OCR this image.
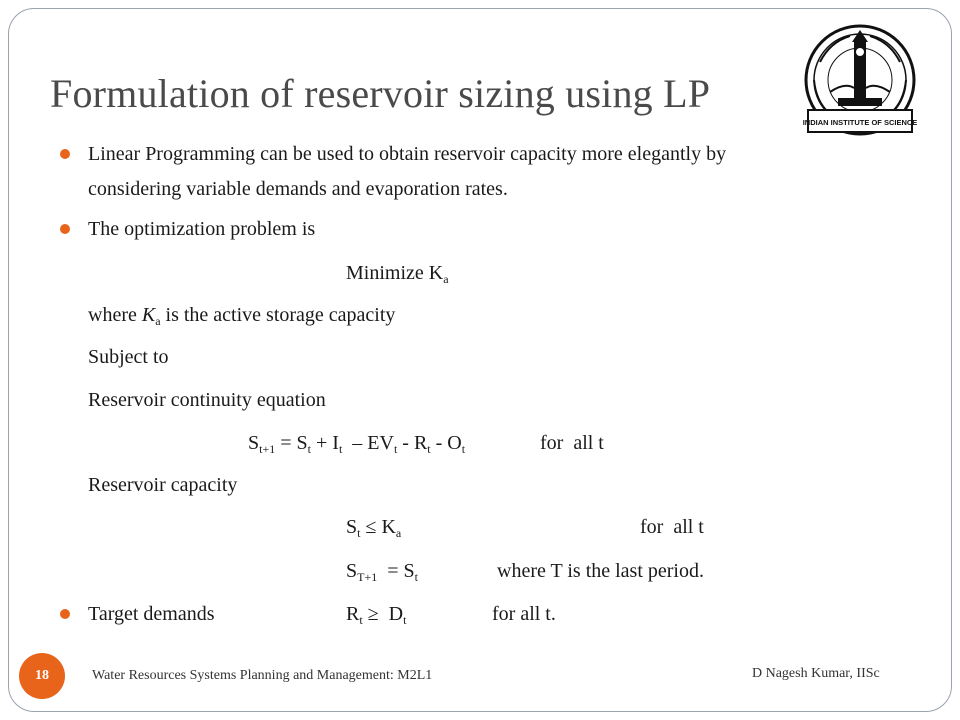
Formulation of reservoir sizing using LP
INDIAN INSTITUTE OF SCIENCE
Linear Programming can be used to obtain reservoir capacity more elegantly by
considering variable demands and evaporation rates.
The optimization problem is
Minimize $K_a$
where $K_a$ is the active storage capacity
Subject to
Reservoir continuity equation
$S_{t+1} = S_t + I_t - EV_t - R_t - O_t$	for  all t
Reservoir capacity
$S_t \le K_a$	for  all t
$S_{T+1} = S_t$	where T is the last period.
Target demands	$R_t \ge D_t$	for all t.
18	Water Resources Systems Planning and Management: M2L1	D Nagesh Kumar, IISc
